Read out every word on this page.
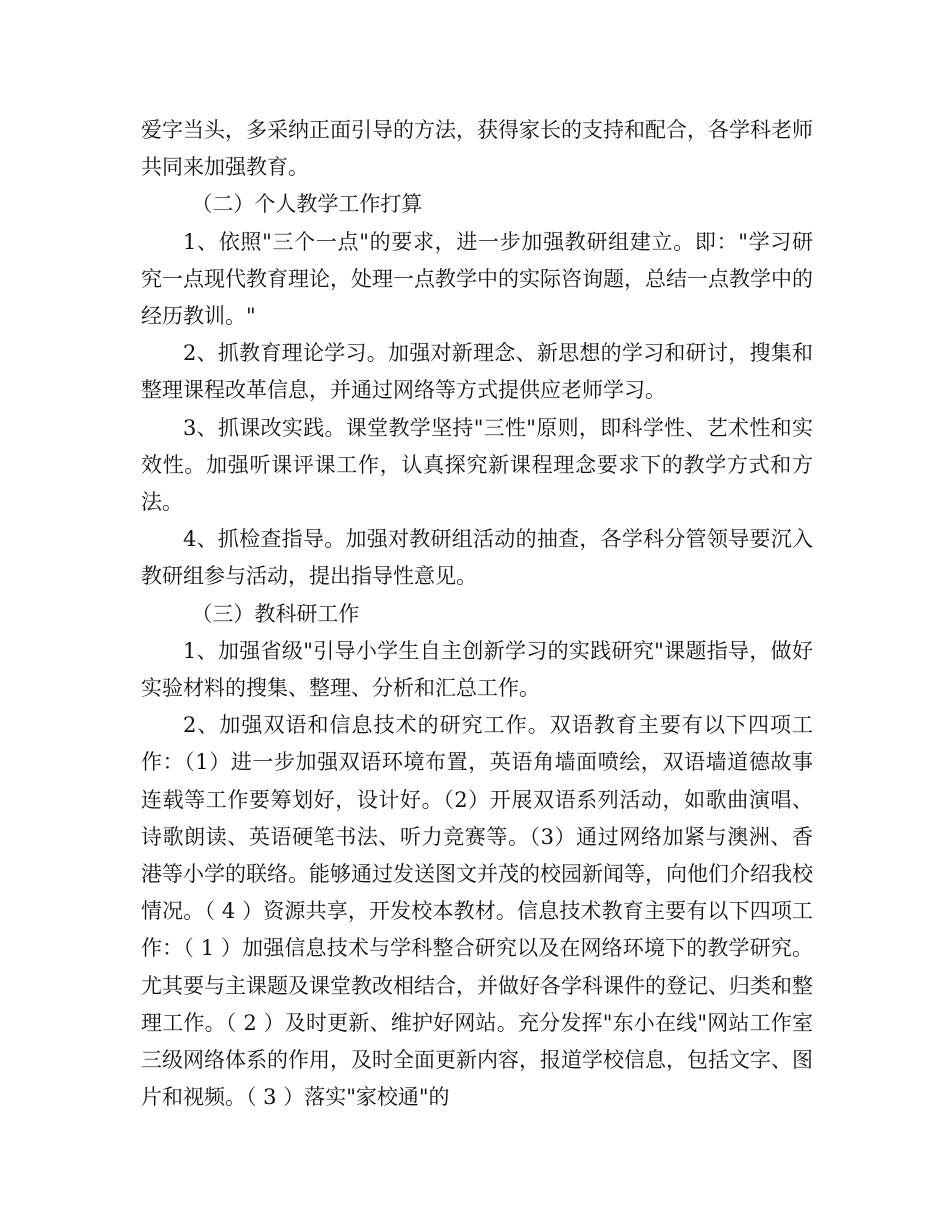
爱字当头，多采纳正面引导的方法，获得家长的支持和配合，各学科老师共同来加强教育。

（二）个人教学工作打算

1、依照"三个一点"的要求，进一步加强教研组建立。即："学习研究一点现代教育理论，处理一点教学中的实际咨询题，总结一点教学中的经历教训。"

2、抓教育理论学习。加强对新理念、新思想的学习和研讨，搜集和整理课程改革信息，并通过网络等方式提供应老师学习。

3、抓课改实践。课堂教学坚持"三性"原则，即科学性、艺术性和实效性。加强听课评课工作，认真探究新课程理念要求下的教学方式和方法。

4、抓检查指导。加强对教研组活动的抽查，各学科分管领导要沉入教研组参与活动，提出指导性意见。

（三）教科研工作

1、加强省级"引导小学生自主创新学习的实践研究"课题指导，做好实验材料的搜集、整理、分析和汇总工作。

2、加强双语和信息技术的研究工作。双语教育主要有以下四项工作：（1）进一步加强双语环境布置，英语角墙面喷绘，双语墙道德故事连载等工作要筹划好，设计好。（2）开展双语系列活动，如歌曲演唱、诗歌朗读、英语硬笔书法、听力竞赛等。（3）通过网络加紧与澳洲、香港等小学的联络。能够通过发送图文并茂的校园新闻等，向他们介绍我校情况。（ 4 ）资源共享，开发校本教材。信息技术教育主要有以下四项工作：（ 1 ）加强信息技术与学科整合研究以及在网络环境下的教学研究。尤其要与主课题及课堂教改相结合，并做好各学科课件的登记、归类和整理工作。（ 2 ）及时更新、维护好网站。充分发挥"东小在线"网站工作室三级网络体系的作用，及时全面更新内容，报道学校信息，包括文字、图片和视频。（ 3 ）落实"家校通"的
